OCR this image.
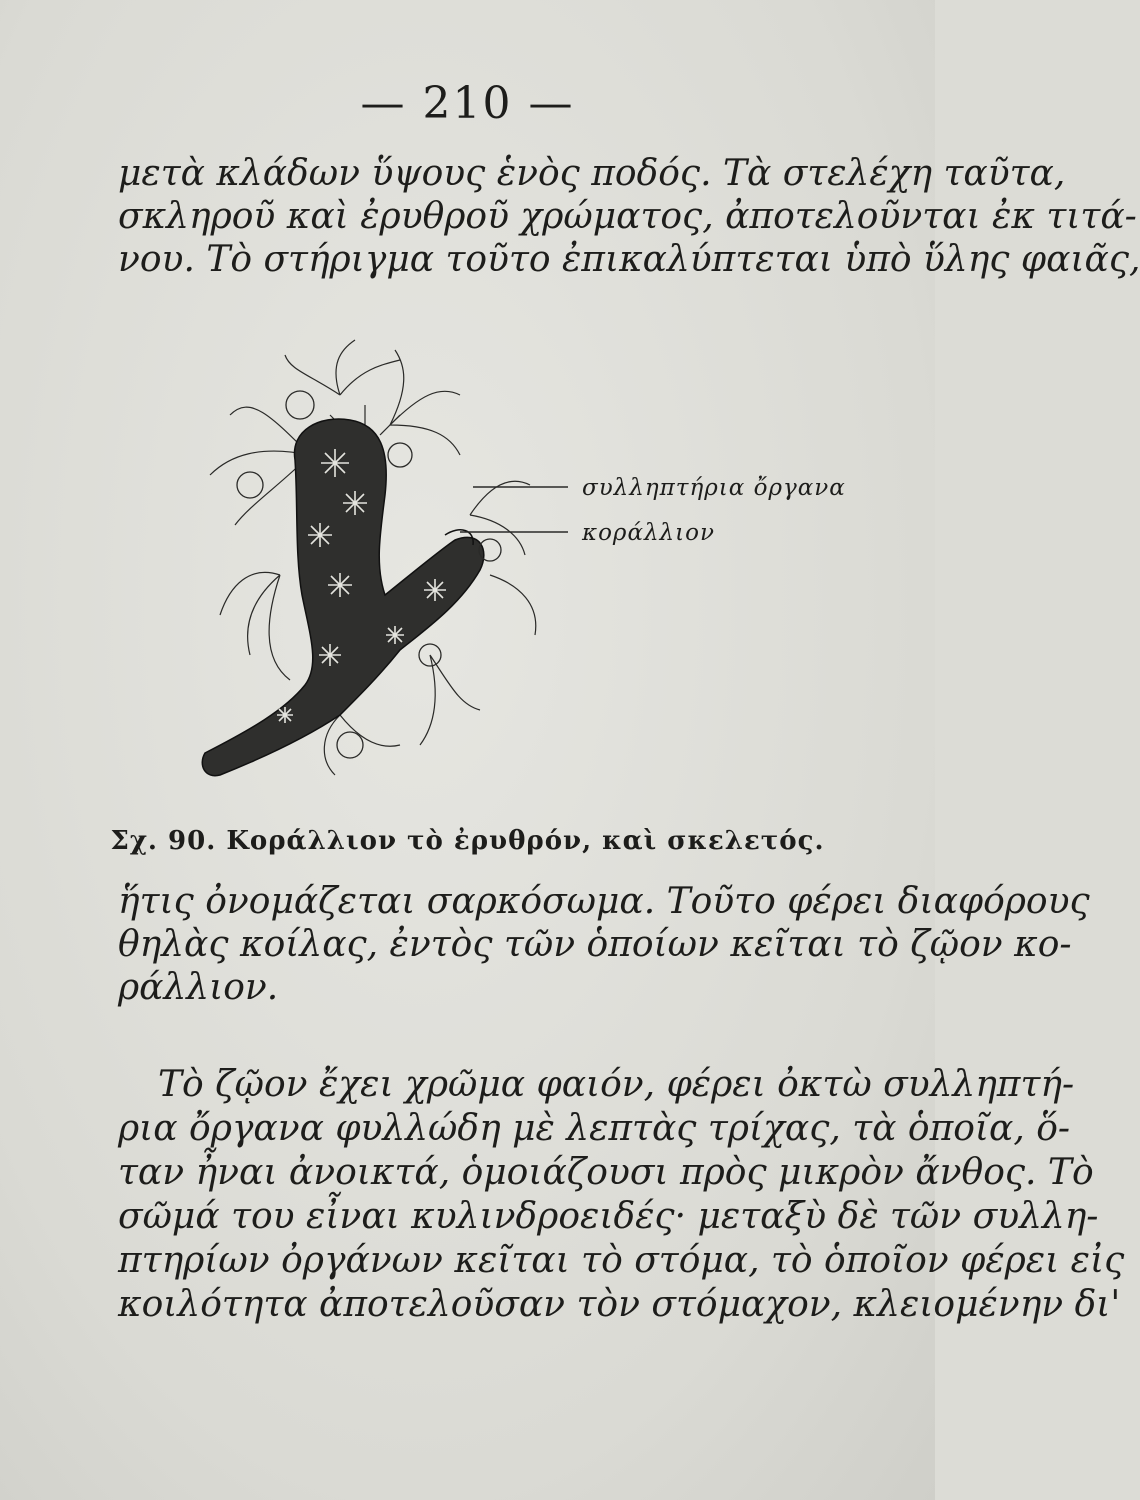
— 210 —
μετὰ κλάδων ὕψους ἑνὸς ποδός. Τὰ στελέχη ταῦτα,
σκληροῦ καὶ ἐρυθροῦ χρώματος, ἀποτελοῦνται ἐκ τιτά-
νου. Τὸ στήριγμα τοῦτο ἐπικαλύπτεται ὑπὸ ὕλης φαιᾶς,
συλληπτήρια ὄργανα
κοράλλιον
Σχ. 90. Κοράλλιον τὸ ἐρυθρόν, καὶ σκελετός.
ἥτις ὀνομάζεται σαρκόσωμα. Τοῦτο φέρει διαφόρους
θηλὰς κοίλας, ἐντὸς τῶν ὁποίων κεῖται τὸ ζῷον κο-
ράλλιον.
Τὸ ζῷον ἔχει χρῶμα φαιόν, φέρει ὀκτὼ συλληπτή-
ρια ὄργανα φυλλώδη μὲ λεπτὰς τρίχας, τὰ ὁποῖα, ὅ-
ταν ἦναι ἀνοικτά, ὁμοιάζουσι πρὸς μικρὸν ἄνθος. Τὸ
σῶμά του εἶναι κυλινδροειδές· μεταξὺ δὲ τῶν συλλη-
πτηρίων ὀργάνων κεῖται τὸ στόμα, τὸ ὁποῖον φέρει εἰς
κοιλότητα ἀποτελοῦσαν τὸν στόμαχον, κλειομένην δι'
